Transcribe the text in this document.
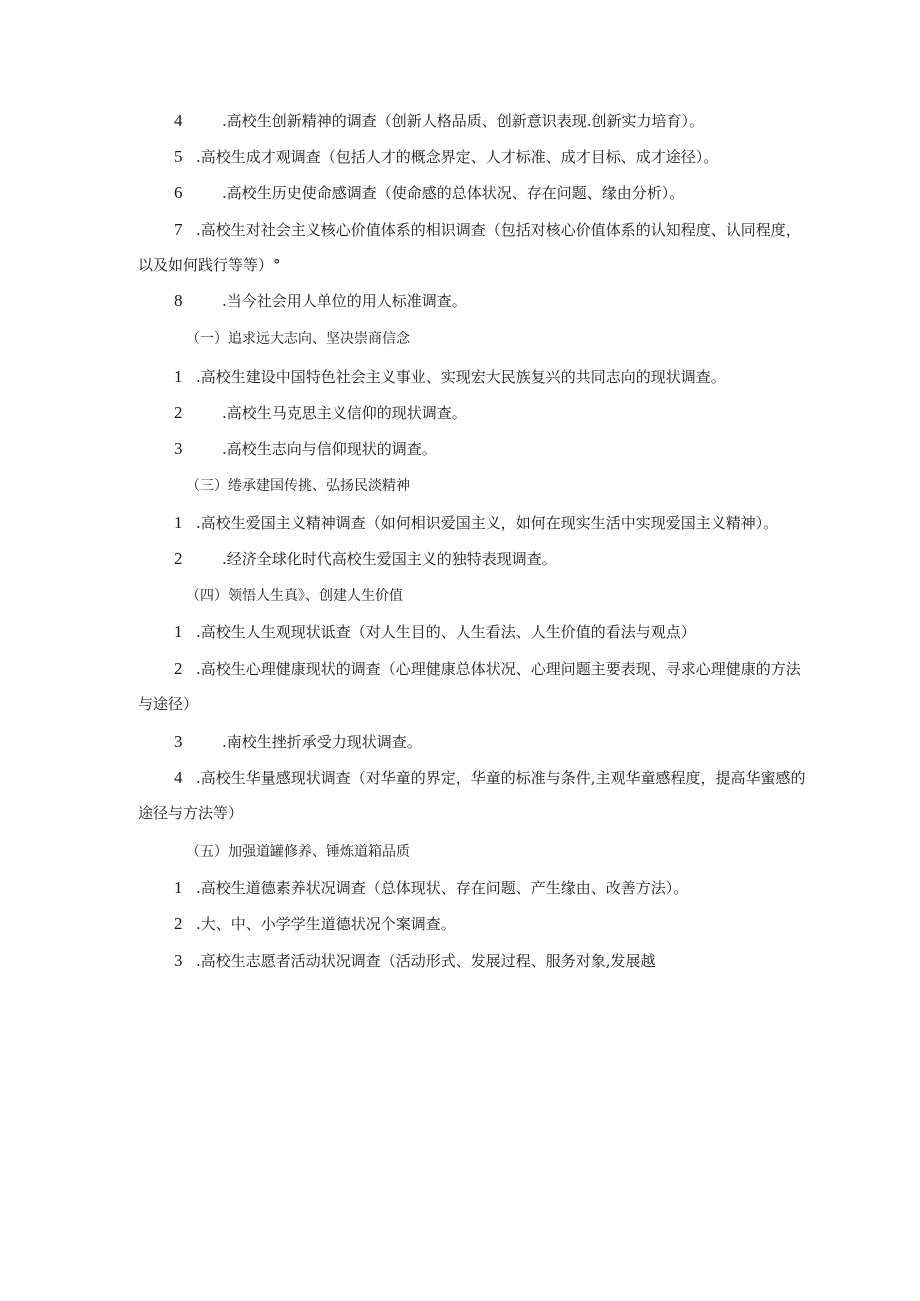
4	.高校生创新精神的调查（创新人格品质、创新意识表现.创新实力培育）。
5 .高校生成才观调查（包括人才的概念界定、人才标准、成才目标、成才途径）。
6	.高校生历史使命感调查（使命感的总体状况、存在问题、缘由分析）。
7 .高校生对社会主义核心价值体系的相识调查（包括对核心价值体系的认知程度、认同程度，
以及如何践行等等）°
8	.当今社会用人单位的用人标准调查。
（一）追求远大志向、坚决崇商信念
1 .高校生建设中国特色社会主义事业、实现宏大民族复兴的共同志向的现状调查。
2	.高校生马克思主义信仰的现状调查。
3	.高校生志向与信仰现状的调查。
（三）绻承建国传挑、弘扬民淡精神
1 .高校生爱国主义精神调查（如何相识爱国主义，如何在现实生活中实现爱国主义精神）。
2	.经济全球化时代高校生爱国主义的独特表现调查。
（四）领悟人生真》、创建人生价值
1 .高校生人生观现状诋查（对人生目的、人生看法、人生价值的看法与观点）
2 .高校生心理健康现状的调查（心理健康总体状况、心理问题主要表现、寻求心理健康的方法
与途径）
3	.南校生挫折承受力现状调查。
4 .高校生华量感现状调查（对华童的界定，华童的标准与条件,主观华童感程度，提高华蜜感的
途径与方法等）
（五）加强道罐修养、锤炼道箱品质
1 .高校生道德素养状况调查（总体现状、存在问题、产生缘由、改善方法）。
2 .大、中、小学学生道德状况个案调查。
3 .高校生志愿者活动状况调查（活动形式、发展过程、服务对象,发展越
